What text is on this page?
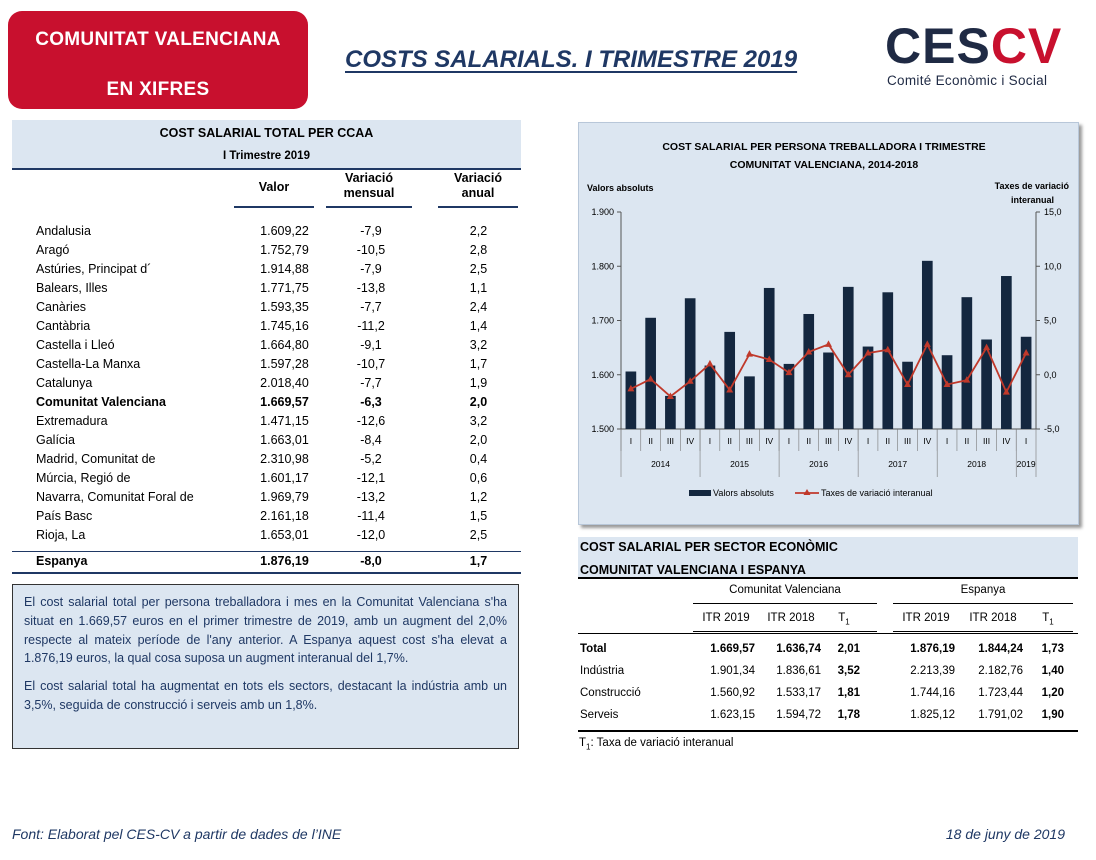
COMUNITAT VALENCIANA
EN XIFRES
COSTS SALARIALS. I TRIMESTRE 2019 CESCV
Comité Econòmic i Social
COST SALARIAL TOTAL PER CCAA
I Trimestre 2019
Valor
Variació mensual
Variació anual
Andalusia	1.609,22	-7,9	2,2
Aragó	1.752,79	-10,5	2,8
Astúries, Principat d´	1.914,88	-7,9	2,5
Balears, Illes	1.771,75	-13,8	1,1
Canàries	1.593,35	-7,7	2,4
Cantàbria	1.745,16	-11,2	1,4
Castella i Lleó	1.664,80	-9,1	3,2
Castella-La Manxa	1.597,28	-10,7	1,7
Catalunya	2.018,40	-7,7	1,9
Comunitat Valenciana	1.669,57	-6,3	2,0
Extremadura	1.471,15	-12,6	3,2
Galícia	1.663,01	-8,4	2,0
Madrid, Comunitat de	2.310,98	-5,2	0,4
Múrcia, Regió de	1.601,17	-12,1	0,6
Navarra, Comunitat Foral de	1.969,79	-13,2	1,2
País Basc	2.161,18	-11,4	1,5
Rioja, La	1.653,01	-12,0	2,5
Espanya	1.876,19	-8,0	1,7

El cost salarial total per persona treballadora i mes en la Comunitat Valenciana s'ha situat en 1.669,57 euros en el primer trimestre de 2019, amb un augment del 2,0% respecte al mateix període de l'any anterior. A Espanya aquest cost s'ha elevat a 1.876,19 euros, la qual cosa suposa un augment interanual del 1,7%.

El cost salarial total ha augmentat en tots els sectors, destacant la indústria amb un 3,5%, seguida de construcció i serveis amb un 1,8%.

COST SALARIAL PER PERSONA TREBALLADORA I TRIMESTRE
COMUNITAT VALENCIANA, 2014-2018
Valors absoluts	Taxes de variació
interanual
1.500
1.600
1.700
1.800
1.900
-5,0
0,0
5,0
10,0
15,0
I II III IV I II III IV I II III IV I II III IV I II III IV I
2014	2015	2016	2017	2018	2019
Valors absoluts	Taxes de variació interanual
COST SALARIAL PER SECTOR ECONÒMIC
COMUNITAT VALENCIANA I ESPANYA
Comunitat Valenciana	Espanya
ITR 2019	ITR 2018	$T_1$	ITR 2019	ITR 2018	$T_1$
Total	1.669,57	1.636,74	2,01	1.876,19	1.844,24	1,73
Indústria	1.901,34	1.836,61	3,52	2.213,39	2.182,76	1,40
Construcció	1.560,92	1.533,17	1,81	1.744,16	1.723,44	1,20
Serveis	1.623,15	1.594,72	1,78	1.825,12	1.791,02	1,90
$T_1$: Taxa de variació interanual
Font: Elaborat pel CES-CV a partir de dades de l’INE	18 de juny de 2019
